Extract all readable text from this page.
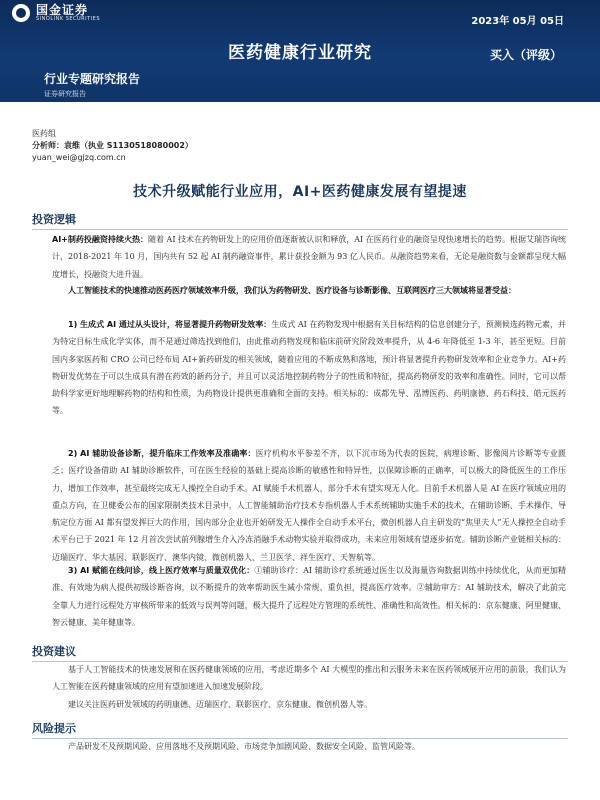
国金证券
SINOLINK SECURITIES	2023年 05月 05日
医药健康行业研究	买入（评级）
行业专题研究报告
证券研究报告
医药组
分析师：袁维（执业 S1130518080002）
yuan_wei@gjzq.com.cn
技术升级赋能行业应用，AI+医药健康发展有望提速
投资逻辑
AI+制药投融资持续火热：随着 AI 技术在药物研发上的应用价值逐渐被认识和释放，AI 在医药行业的融资呈现快速增长的趋势。根据艾瑞咨询统计，2018-2021 年 10 月，国内共有 52 起 AI 制药融资事件，累计获投金额为 93 亿人民币。从融资趋势来看，无论是融资数与金额都呈现大幅度增长，投融资大进升温。
人工智能技术的快速推动医药医疗领域效率升级，我们认为药物研发、医疗设备与诊断影像、互联网医疗三大领域将显著受益：
1) 生成式 AI 通过从头设计，将显著提升药物研发效率：生成式 AI 在药物发现中根据有关目标结构的信息创建分子，预测候选药物元素，并为特定目标生成化学实体，而不是通过筛选找到他们，由此推动药物发现和临床前研究阶段效率提升，从 4-6 年降低至 1-3 年，甚至更短。目前国内多家医药和 CRO 公司已经布局 AI+新药研发的相关领域，随着应用的不断成熟和落地，预计将显著提升药物研发效率和企业竞争力。AI+药物研发优势在于可以生成具有潜在药效的新药分子，并且可以灵活地控制药物分子的性质和特征，提高药物研发的效率和准确性。同时，它可以帮助科学家更好地理解药物的结构和性质，为药物设计提供更准确和全面的支持。相关标的：成都先导、泓博医药、药明康德、药石科技、皓元医药等。
2) AI 辅助设备诊断，提升临床工作效率及准确率：医疗机构水平参差不齐，以下沉市场为代表的医院，病理诊断、影像阅片诊断等专业匮乏；医疗设备借助 AI 辅助诊断软件，可在医生经验的基础上提高诊断的敏感性和特异性，以保障诊断的正确率，可以极大的降低医生的工作压力，增加工作效率，甚至最终完成无人操控全自动手术。AI 赋能手术机器人，部分手术有望实现无人化。目前手术机器人是 AI 在医疗领域应用的重点方向，在卫健委公布的国家限制类技术目录中，人工智能辅助治疗技术专指机器人手术系统辅助实施手术的技术，在辅助诊断、手术操作、导航定位方面 AI 都有望发挥巨大的作用，国内部分企业也开始研发无人操作全自动手术平台，微创机器人自主研发的“焦里夫人”无人操控全自动手术平台已于 2021 年 12 月首次尝试前列腺增生介入冷冻消融手术动物实验并取得成功，未来应用领域有望逐步拓宽。辅助诊断产业链相关标的：迈瑞医疗、华大基因、联影医疗、澳华内镜、微创机器人、兰卫医学、祥生医疗、天智航等。
3) AI 赋能在线问诊，线上医疗效率与质量双优化：①辅助诊疗：AI 辅助诊疗系统通过医生以及海量咨询数据训练中持续优化，从而更加精准、有效地为病人提供初级诊断咨询，以不断提升的效率帮助医生减小常规、重负担，提高医疗效率。②辅助审方：AI 辅助技术，解决了此前完全靠人力进行远程处方审核所带来的低效与误判等问题，极大提升了远程处方管理的系统性、准确性和高效性。相关标的：京东健康、阿里健康、智云健康、美年健康等。
投资建议
基于人工智能技术的快速发展和在医药健康领域的应用，考虑近期多个 AI 大模型的推出和云服务未来在医药领域展开应用的前景，我们认为人工智能在医药健康领域的应用有望加速进入加速发展阶段。
建议关注医药研发领域的药明康德、迈瑞医疗、联影医疗、京东健康、微创机器人等。
风险提示
产品研发不及预期风险、应用落地不及预期风险、市场竞争加剧风险、数据安全风险、监管风险等。
